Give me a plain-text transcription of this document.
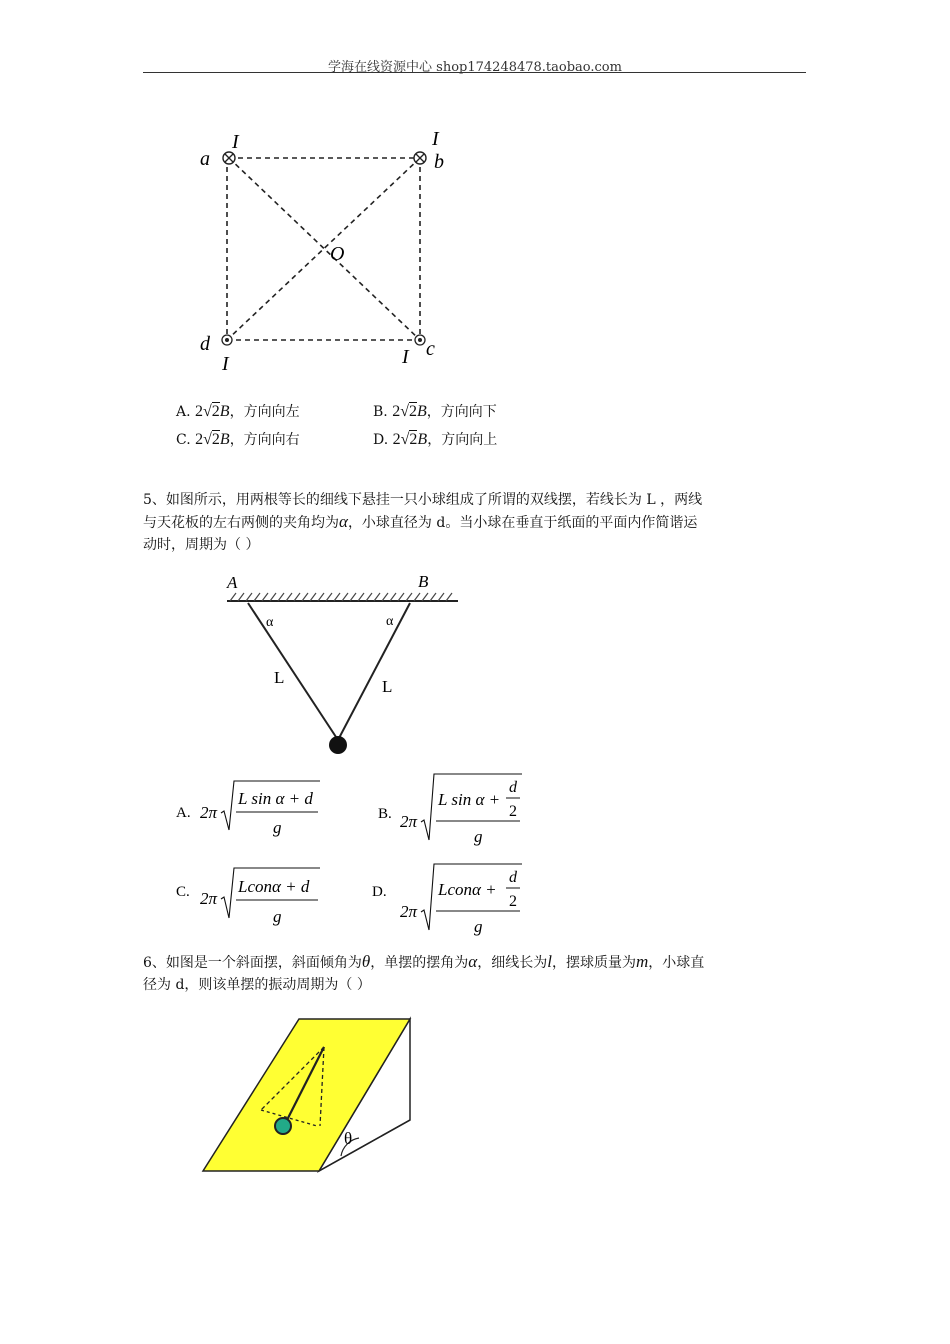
学海在线资源中心 shop174248478.taobao.com
a
I	I
b
O
d
I	I c
A. 2√2B，方向向左	B. 2√2B，方向向下
C. 2√2B，方向向右	D. 2√2B，方向向上
5、如图所示，用两根等长的细线下悬挂一只小球组成了所谓的双线摆，若线长为 L ，两线
与天花板的左右两侧的夹角均为α，小球直径为 d。当小球在垂直于纸面的平面内作简谐运
动时，周期为（ ）
A	B
α	α
L	L
A. 2π
L sin α + d
g
B. 2π
L sin α +
d
2
g
C. 2π
Lconα + d
g
D.
2π
Lconα +
d
2
g
6、如图是一个斜面摆，斜面倾角为θ，单摆的摆角为α，细线长为l，摆球质量为m，小球直
径为 d，则该单摆的振动周期为（ ）
θ
